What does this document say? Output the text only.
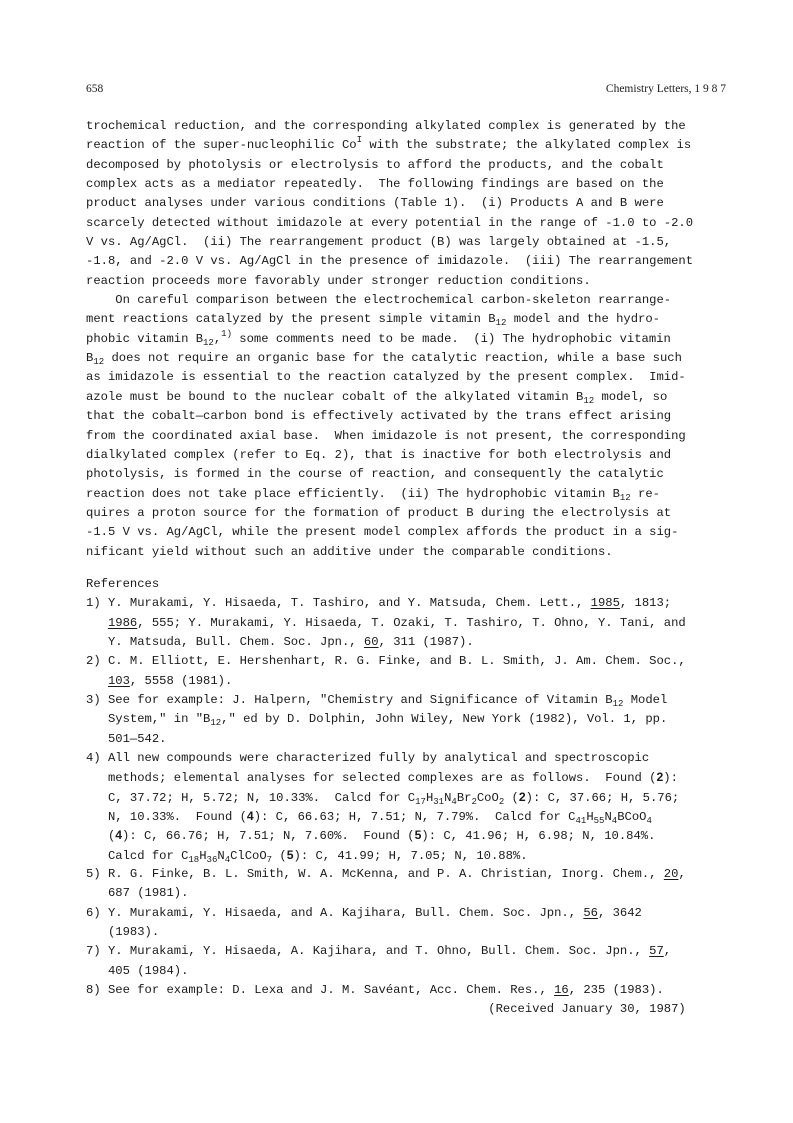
658	Chemistry Letters, 1 9 8 7
trochemical reduction, and the corresponding alkylated complex is generated by the
reaction of the super-nucleophilic $Co^I$ with the substrate; the alkylated complex is
decomposed by photolysis or electrolysis to afford the products, and the cobalt
complex acts as a mediator repeatedly.  The following findings are based on the
product analyses under various conditions (Table 1).  (i) Products A and B were
scarcely detected without imidazole at every potential in the range of -1.0 to -2.0
V vs. Ag/AgCl.  (ii) The rearrangement product (B) was largely obtained at -1.5,
-1.8, and -2.0 V vs. Ag/AgCl in the presence of imidazole.  (iii) The rearrangement
reaction proceeds more favorably under stronger reduction conditions.
On careful comparison between the electrochemical carbon-skeleton rearrange-
ment reactions catalyzed by the present simple vitamin $B_{12}$ model and the hydro-
phobic vitamin $B_{12},^{1)}$ some comments need to be made.  (i) The hydrophobic vitamin
$B_{12}$ does not require an organic base for the catalytic reaction, while a base such
as imidazole is essential to the reaction catalyzed by the present complex.  Imid-
azole must be bound to the nuclear cobalt of the alkylated vitamin $B_{12}$ model, so
that the cobalt—carbon bond is effectively activated by the trans effect arising
from the coordinated axial base.  When imidazole is not present, the corresponding
dialkylated complex (refer to Eq. 2), that is inactive for both electrolysis and
photolysis, is formed in the course of reaction, and consequently the catalytic
reaction does not take place efficiently.  (ii) The hydrophobic vitamin $B_{12}$ re-
quires a proton source for the formation of product B during the electrolysis at
-1.5 V vs. Ag/AgCl, while the present model complex affords the product in a sig-
nificant yield without such an additive under the comparable conditions.
References
1) Y. Murakami, Y. Hisaeda, T. Tashiro, and Y. Matsuda, Chem. Lett., 1985, 1813;
1986, 555; Y. Murakami, Y. Hisaeda, T. Ozaki, T. Tashiro, T. Ohno, Y. Tani, and
Y. Matsuda, Bull. Chem. Soc. Jpn., 60, 311 (1987).
2) C. M. Elliott, E. Hershenhart, R. G. Finke, and B. L. Smith, J. Am. Chem. Soc.,
103, 5558 (1981).
3) See for example: J. Halpern, "Chemistry and Significance of Vitamin $B_{12}$ Model
System," in "$B_{12}$," ed by D. Dolphin, John Wiley, New York (1982), Vol. 1, pp.
501—542.
4) All new compounds were characterized fully by analytical and spectroscopic
methods; elemental analyses for selected complexes are as follows.  Found (2):
C, 37.72; H, 5.72; N, 10.33%.  Calcd for $C_{17}H_{31}N_4Br_2CoO_2$ (2): C, 37.66; H, 5.76;
N, 10.33%.  Found (4): C, 66.63; H, 7.51; N, 7.79%.  Calcd for $C_{41}H_{55}N_4BCoO_4$
(4): C, 66.76; H, 7.51; N, 7.60%.  Found (5): C, 41.96; H, 6.98; N, 10.84%.
Calcd for $C_{18}H_{36}N_4ClCoO_7$ (5): C, 41.99; H, 7.05; N, 10.88%.
5) R. G. Finke, B. L. Smith, W. A. McKenna, and P. A. Christian, Inorg. Chem., 20,
687 (1981).
6) Y. Murakami, Y. Hisaeda, and A. Kajihara, Bull. Chem. Soc. Jpn., 56, 3642
(1983).
7) Y. Murakami, Y. Hisaeda, A. Kajihara, and T. Ohno, Bull. Chem. Soc. Jpn., 57,
405 (1984).
8) See for example: D. Lexa and J. M. Savéant, Acc. Chem. Res., 16, 235 (1983).
(Received January 30, 1987)
